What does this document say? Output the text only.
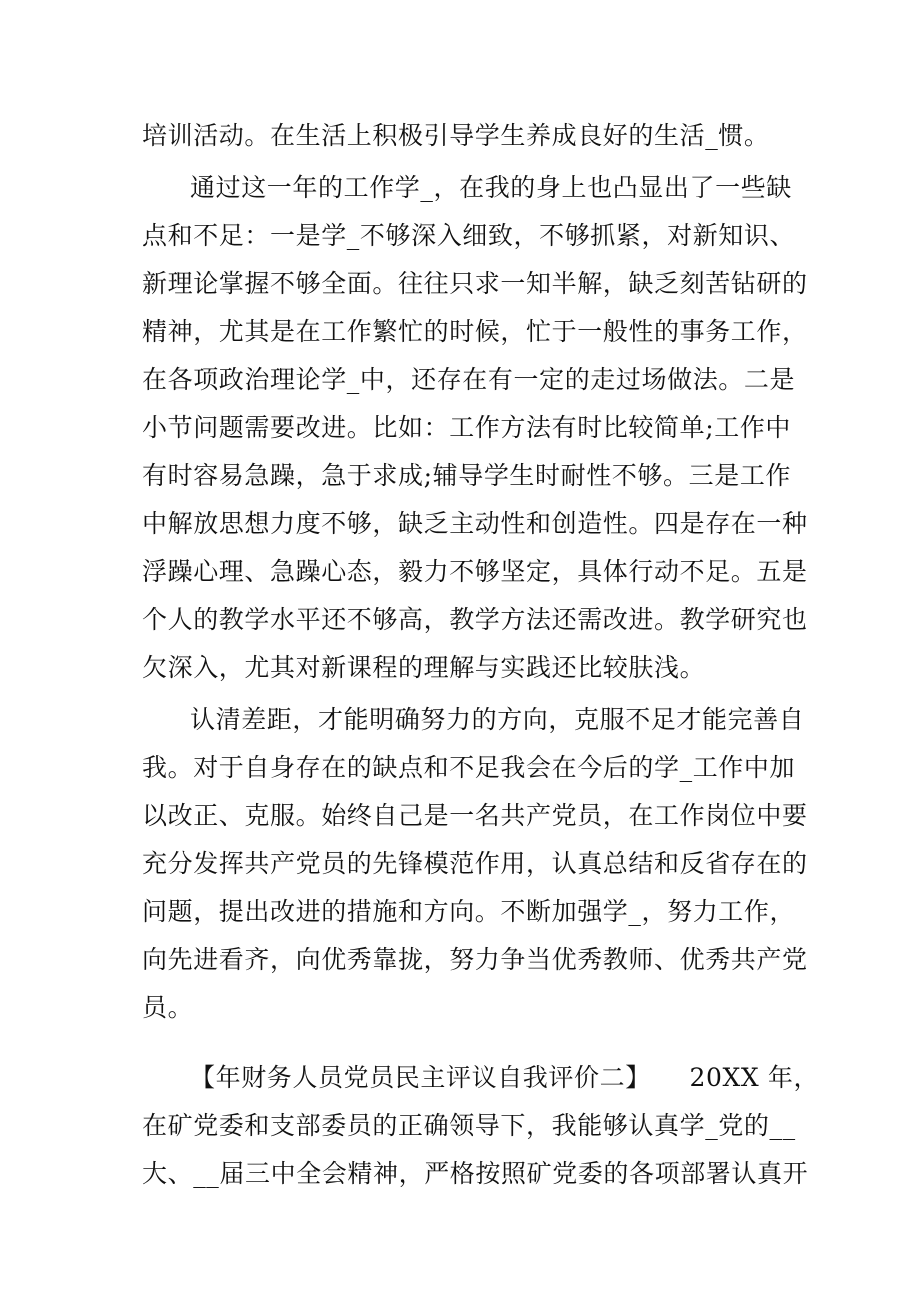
培训活动。在生活上积极引导学生养成良好的生活_惯。
通过这一年的工作学_，在我的身上也凸显出了一些缺
点和不足：一是学_不够深入细致，不够抓紧，对新知识、
新理论掌握不够全面。往往只求一知半解，缺乏刻苦钻研的
精神，尤其是在工作繁忙的时候，忙于一般性的事务工作，
在各项政治理论学_中，还存在有一定的走过场做法。二是
小节问题需要改进。比如：工作方法有时比较简单;工作中
有时容易急躁，急于求成;辅导学生时耐性不够。三是工作
中解放思想力度不够，缺乏主动性和创造性。四是存在一种
浮躁心理、急躁心态，毅力不够坚定，具体行动不足。五是
个人的教学水平还不够高，教学方法还需改进。教学研究也
欠深入，尤其对新课程的理解与实践还比较肤浅。
认清差距，才能明确努力的方向，克服不足才能完善自
我。对于自身存在的缺点和不足我会在今后的学_工作中加
以改正、克服。始终自己是一名共产党员，在工作岗位中要
充分发挥共产党员的先锋模范作用，认真总结和反省存在的
问题，提出改进的措施和方向。不断加强学_，努力工作，
向先进看齐，向优秀靠拢，努力争当优秀教师、优秀共产党
员。
【年财务人员党员民主评议自我评价二】　　20XX 年，
在矿党委和支部委员的正确领导下，我能够认真学_党的__
大、__届三中全会精神，严格按照矿党委的各项部署认真开
